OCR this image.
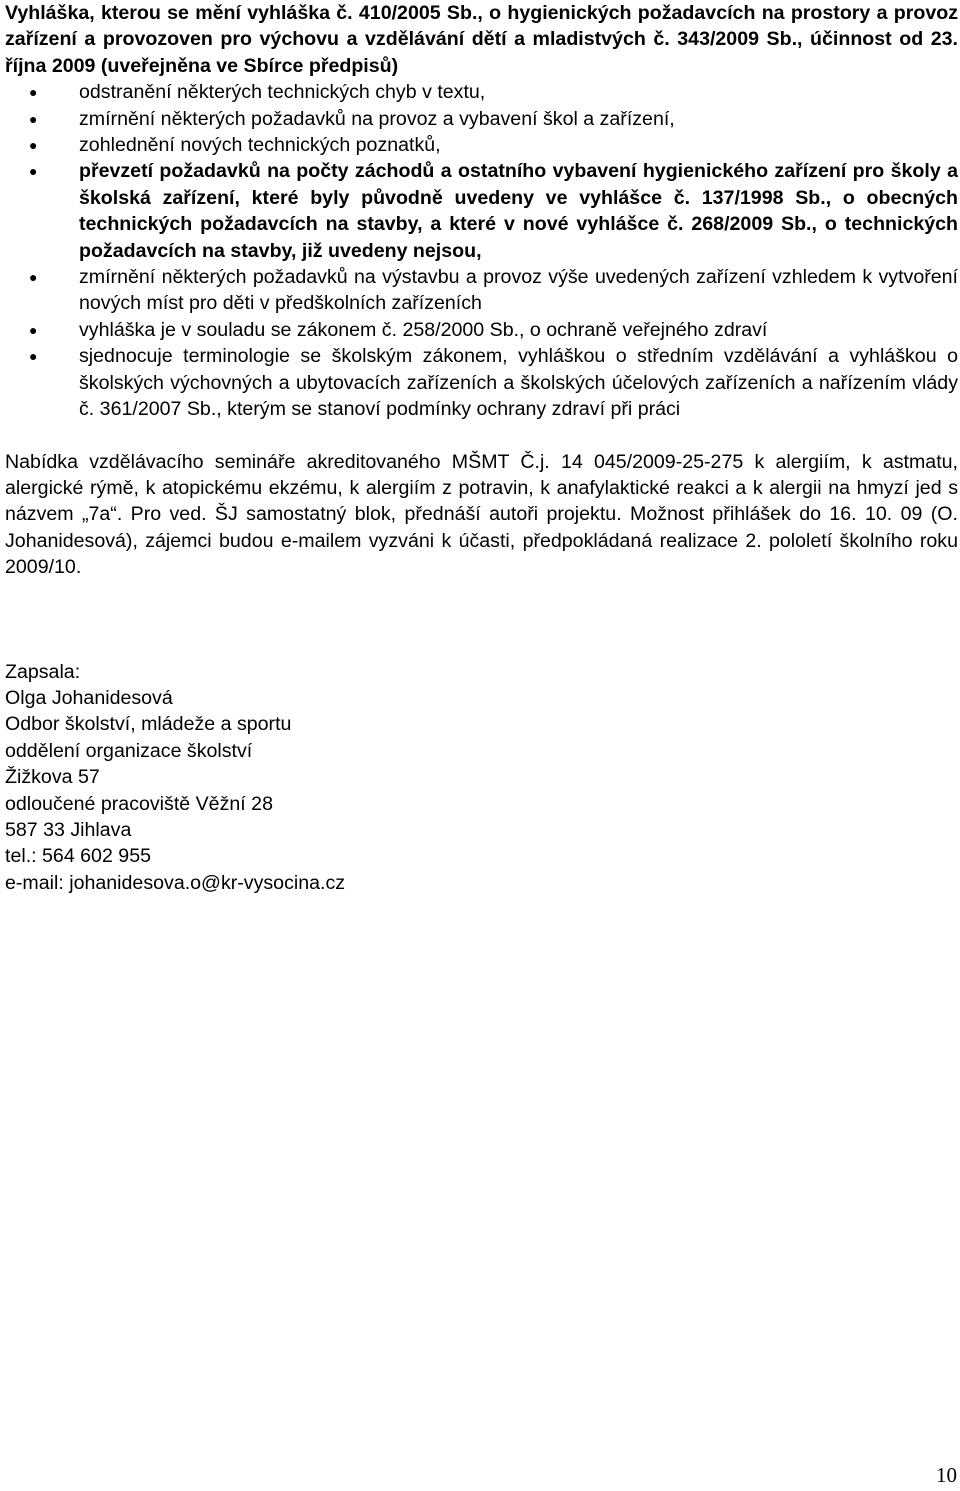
Vyhláška, kterou se mění vyhláška č. 410/2005 Sb., o hygienických požadavcích na prostory a provoz zařízení a provozoven pro výchovu a vzdělávání dětí a mladistvých č. 343/2009 Sb., účinnost od 23. října 2009 (uveřejněna ve Sbírce předpisů)

● odstranění některých technických chyb v textu,
● zmírnění některých požadavků na provoz a vybavení škol a zařízení,
● zohlednění nových technických poznatků,
● převzetí požadavků na počty záchodů a ostatního vybavení hygienického zařízení pro školy a školská zařízení, které byly původně uvedeny ve vyhlášce č. 137/1998 Sb., o obecných technických požadavcích na stavby, a které v nové vyhlášce č. 268/2009 Sb., o technických požadavcích na stavby, již uvedeny nejsou,
● zmírnění některých požadavků na výstavbu a provoz výše uvedených zařízení vzhledem k vytvoření nových míst pro děti v předškolních zařízeních
● vyhláška je v souladu se zákonem č. 258/2000 Sb., o ochraně veřejného zdraví
● sjednocuje terminologie se školským zákonem, vyhláškou o středním vzdělávání a vyhláškou o školských výchovných a ubytovacích zařízeních a školských účelových zařízeních a nařízením vlády č. 361/2007 Sb., kterým se stanoví podmínky ochrany zdraví při práci

Nabídka vzdělávacího semináře akreditovaného MŠMT Č.j. 14 045/2009-25-275 k alergiím, k astmatu, alergické rýmě, k atopickému ekzému, k alergiím z potravin, k anafylaktické reakci a k alergii na hmyzí jed s názvem „7a“. Pro ved. ŠJ samostatný blok, přednáší autoři projektu. Možnost přihlášek do 16. 10. 09 (O. Johanidesová), zájemci budou e-mailem vyzváni k účasti, předpokládaná realizace 2. pololetí školního roku 2009/10.

Zapsala:

Olga Johanidesová

Odbor školství, mládeže a sportu

oddělení organizace školství

Žižkova 57

odloučené pracoviště Věžní 28

587 33 Jihlava

tel.: 564 602 955

e-mail: johanidesova.o@kr-vysocina.cz

10
